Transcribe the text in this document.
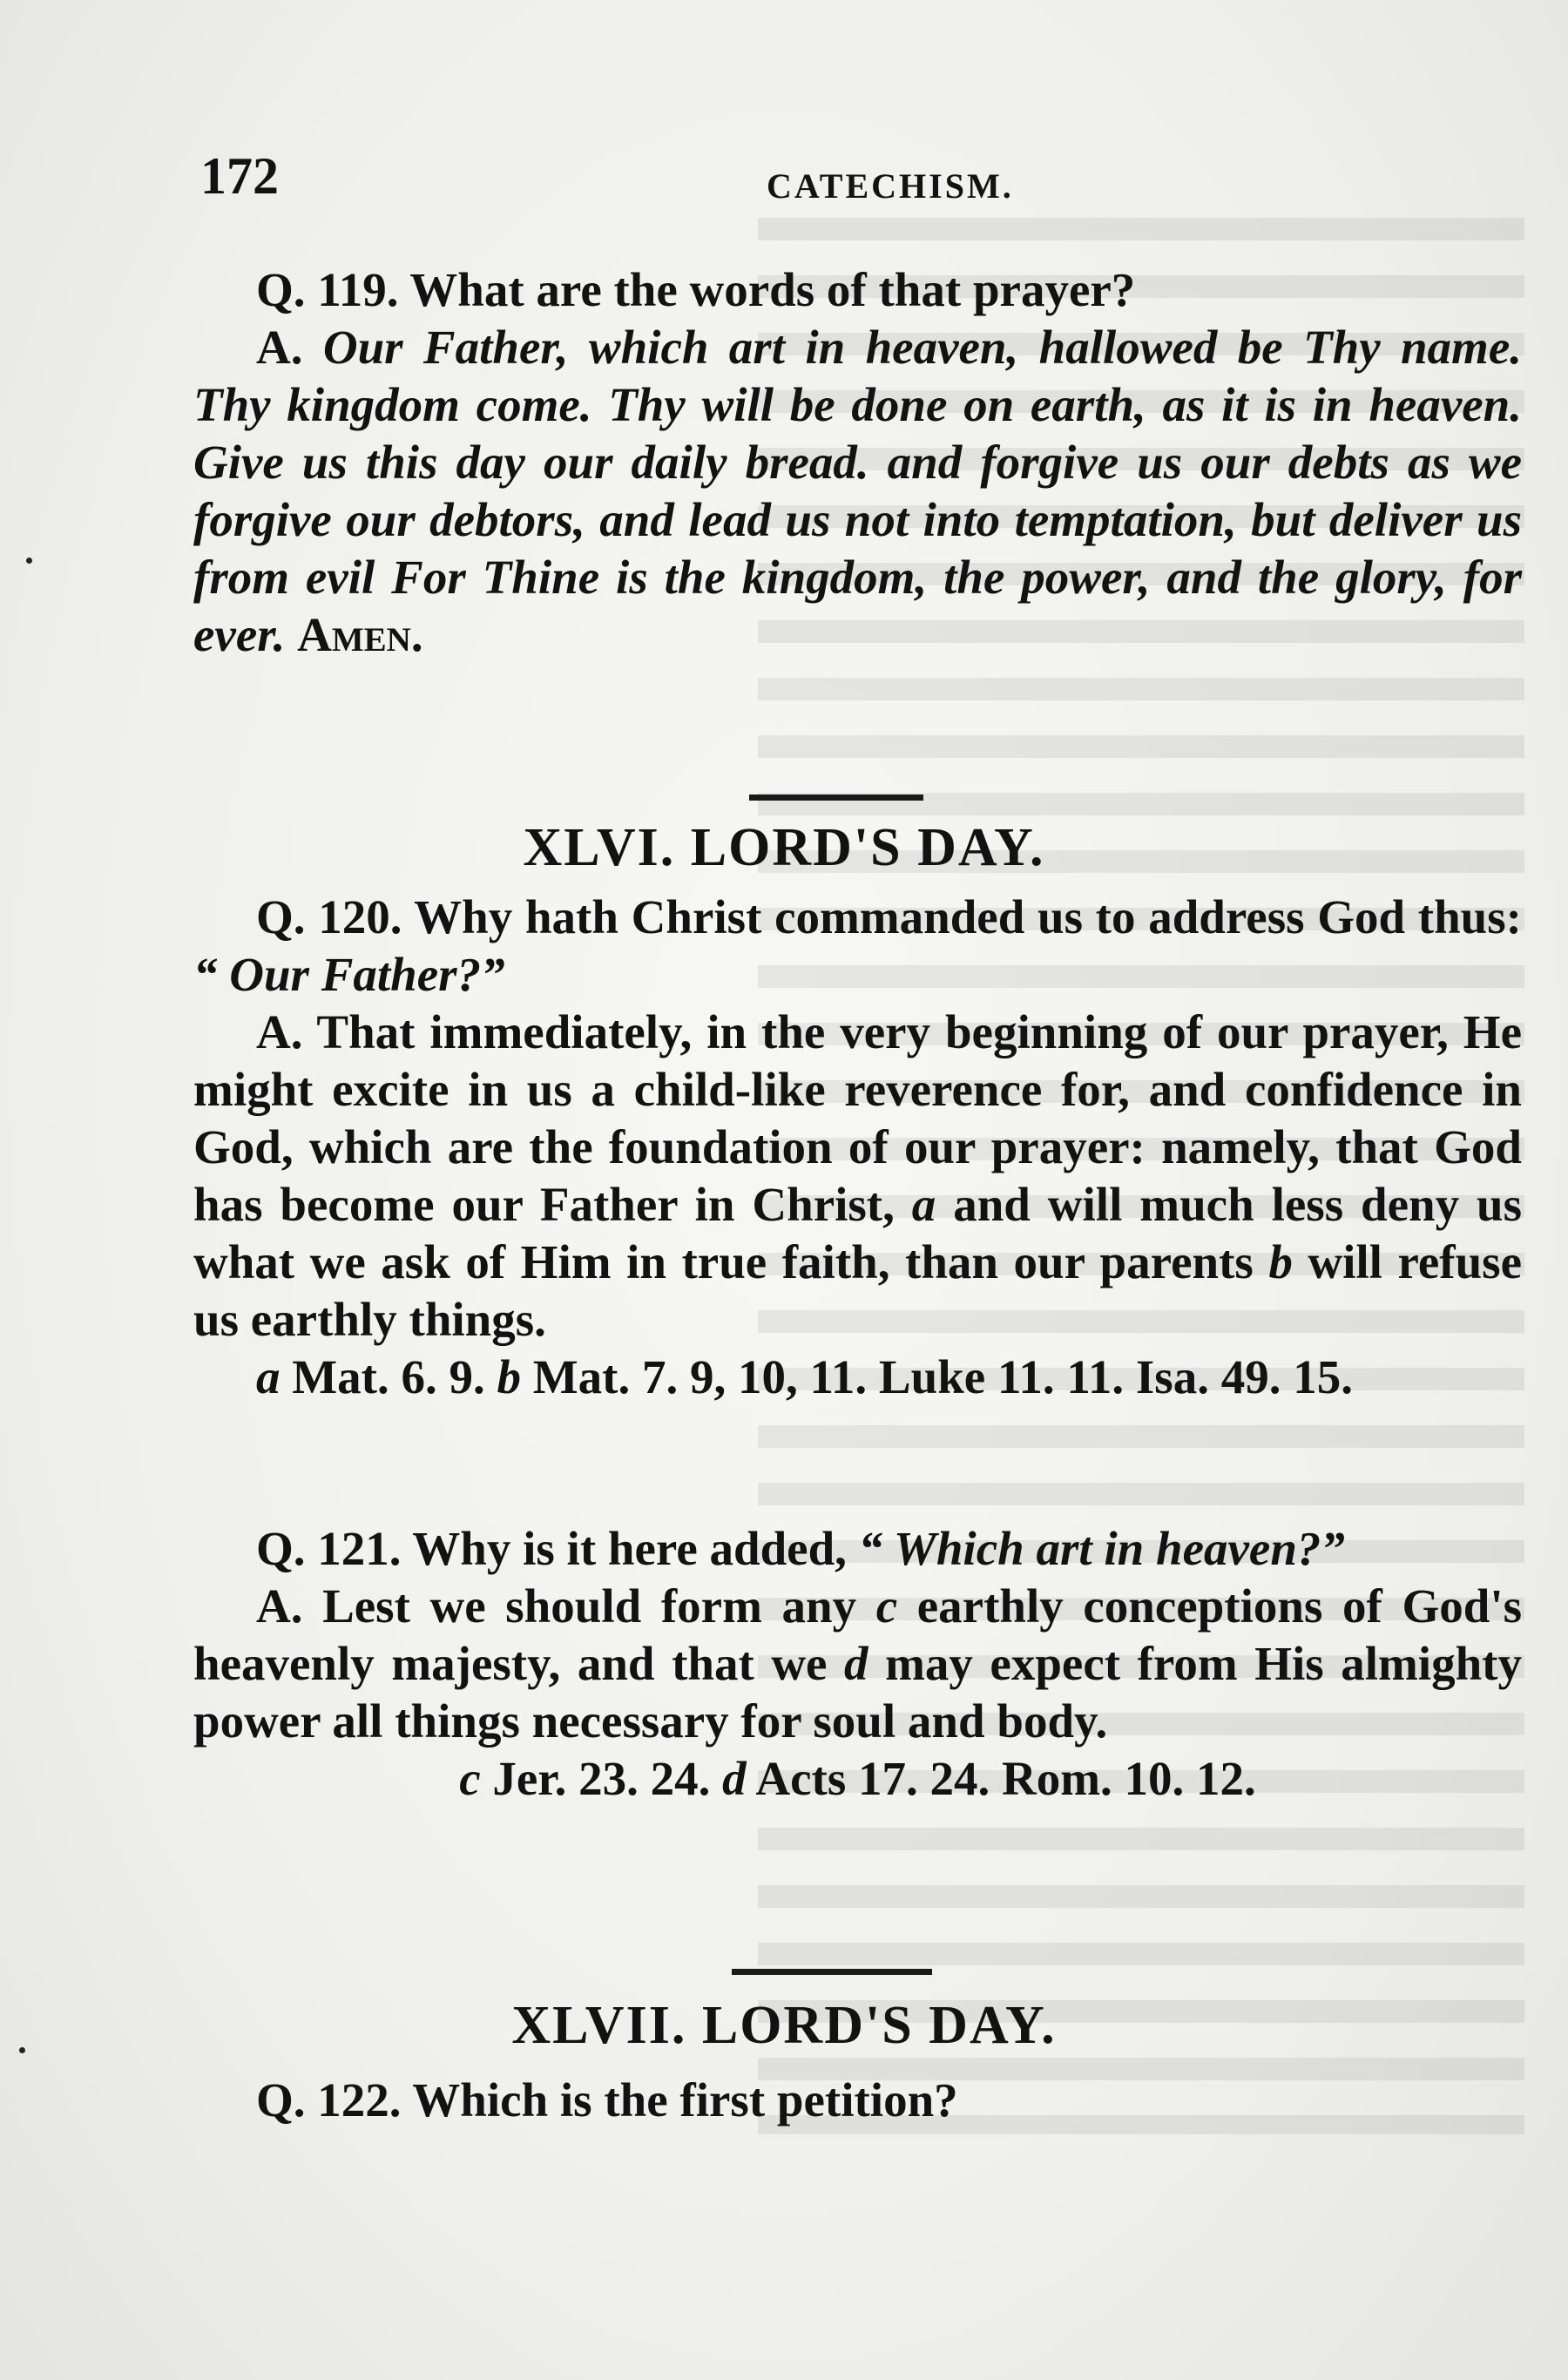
172	CATECHISM.
Q. 119. What are the words of that prayer?
A. Our Father, which art in heaven, hallowed be Thy name. Thy kingdom come. Thy will be done on earth, as it is in heaven. Give us this day our daily bread. and forgive us our debts as we forgive our debtors, and lead us not into temptation, but deliver us from evil For Thine is the kingdom, the power, and the glory, for ever. Amen.
XLVI. LORD'S DAY.
Q. 120. Why hath Christ commanded us to address God thus: “ Our Father?”
A. That immediately, in the very beginning of our prayer, He might excite in us a child-like reverence for, and confidence in God, which are the foundation of our prayer: namely, that God has become our Father in Christ, a and will much less deny us what we ask of Him in true faith, than our parents b will refuse us earthly things.
a Mat. 6. 9. b Mat. 7. 9, 10, 11. Luke 11. 11. Isa. 49. 15.
Q. 121. Why is it here added, “ Which art in heaven?”
A. Lest we should form any c earthly conceptions of God's heavenly majesty, and that we d may expect from His almighty power all things necessary for soul and body.
c Jer. 23. 24. d Acts 17. 24. Rom. 10. 12.
XLVII. LORD'S DAY.
Q. 122. Which is the first petition?
